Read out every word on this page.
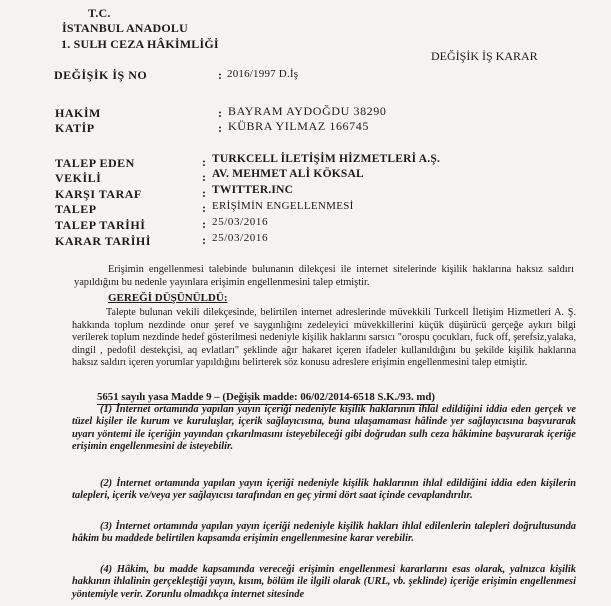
T.C.
İSTANBUL ANADOLU
1. SULH CEZA HÂKİMLİĞİ
DEĞİŞİK İŞ KARAR
DEĞİŞİK İŞ NO	: 2016/1997 D.İş
HAKİM	: BAYRAM AYDOĞDU 38290
KATİP	: KÜBRA YILMAZ 166745
TALEP EDEN	: TURKCELL İLETİŞİM HİZMETLERİ A.Ş.
VEKİLİ	: AV. MEHMET ALİ KÖKSAL
KARŞI TARAF	: TWITTER.INC
TALEP	: ERİŞİMİN ENGELLENMESİ
TALEP TARİHİ	: 25/03/2016
KARAR TARİHİ	: 25/03/2016
Erişimin engellenmesi talebinde bulunanın dilekçesi ile internet sitelerinde kişilik haklarına haksız saldırı yapıldığını bu nedenle yayınlara erişimin engellenmesini talep etmiştir.
GEREĞİ DÜŞÜNÜLDÜ:
Talepte bulunan vekili dilekçesinde, belirtilen internet adreslerinde müvekkili Turkcell İletişim Hizmetleri A. Ş. hakkında toplum nezdinde onur şeref ve saygınlığını zedeleyici müvekkillerini küçük düşürücü gerçeğe aykırı bilgi verilerek toplum nezdinde hedef gösterilmesi nedeniyle kişilik haklarını sarsıcı "orospu çocukları, fuck off, şerefsiz,yalaka, dingil , pedofil destekçisi, aq evlatları" şeklinde ağır hakaret içeren ifadeler kullanıldığını bu şekilde kişilik haklarına haksız saldırı içeren yorumlar yapıldığını belirterek söz konusu adreslere erişimin engellenmesini talep etmiştir.
5651 sayılı yasa Madde 9 – (Değişik madde: 06/02/2014-6518 S.K./93. md)
(1) İnternet ortamında yapılan yayın içeriği nedeniyle kişilik haklarının ihlal edildiğini iddia eden gerçek ve tüzel kişiler ile kurum ve kuruluşlar, içerik sağlayıcısına, buna ulaşamaması hâlinde yer sağlayıcısına başvurarak uyarı yöntemi ile içeriğin yayından çıkarılmasını isteyebileceği gibi doğrudan sulh ceza hâkimine başvurarak içeriğe erişimin engellenmesini de isteyebilir.
(2) İnternet ortamında yapılan yayın içeriği nedeniyle kişilik haklarının ihlal edildiğini iddia eden kişilerin talepleri, içerik ve/veya yer sağlayıcısı tarafından en geç yirmi dört saat içinde cevaplandırılır.
(3) İnternet ortamında yapılan yayın içeriği nedeniyle kişilik hakları ihlal edilenlerin talepleri doğrultusunda hâkim bu maddede belirtilen kapsamda erişimin engellenmesine karar verebilir.
(4) Hâkim, bu madde kapsamında vereceği erişimin engellenmesi kararlarını esas olarak, yalnızca kişilik hakkının ihlalinin gerçekleştiği yayın, kısım, bölüm ile ilgili olarak (URL, vb. şeklinde) içeriğe erişimin engellenmesi yöntemiyle verir. Zorunlu olmadıkça internet sitesinde
